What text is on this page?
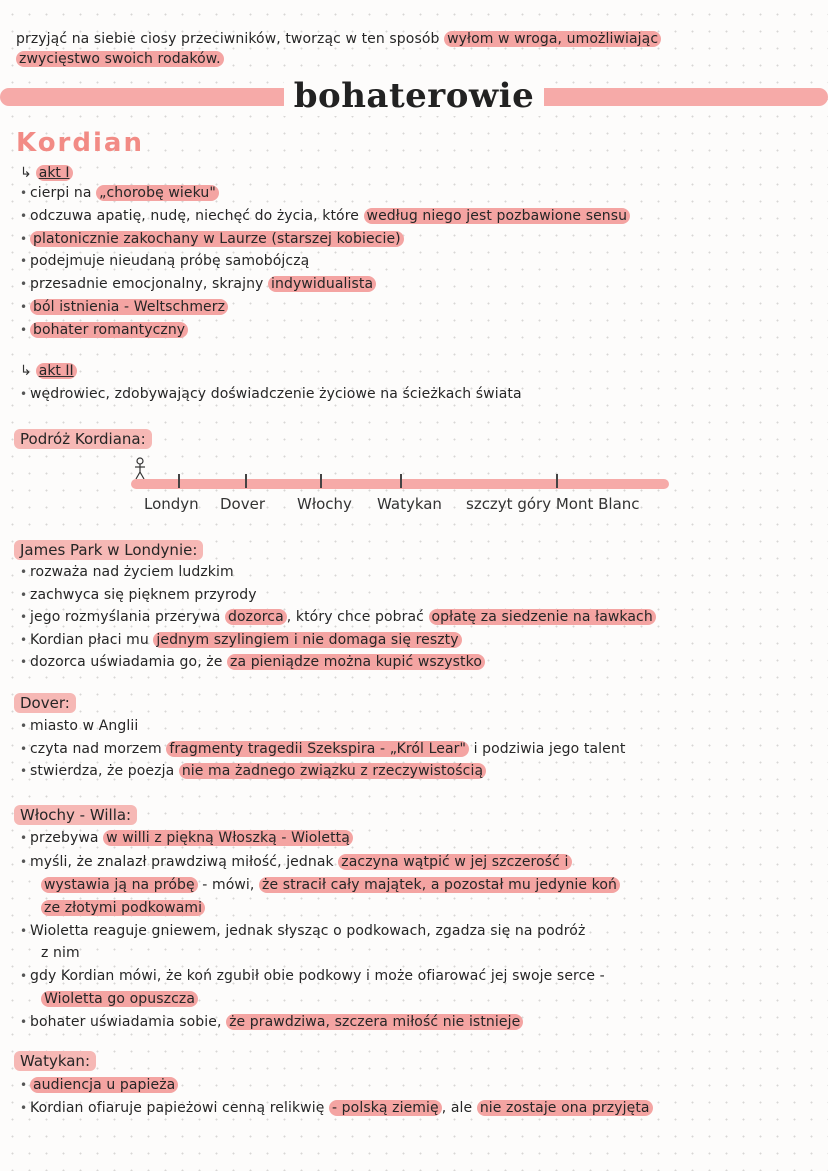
przyjąć na siebie ciosy przeciwników, tworząc w ten sposób wyłom w wroga, umożliwiając
zwycięstwo swoich rodaków.
bohaterowie
Kordian
↳ akt I
• cierpi na „chorobę wieku"
• odczuwa apatię, nudę, niechęć do życia, które według niego jest pozbawione sensu
• platonicznie zakochany w Laurze (starszej kobiecie)
• podejmuje nieudaną próbę samobójczą
• przesadnie emocjonalny, skrajny indywidualista
• ból istnienia - Weltschmerz
• bohater romantyczny
↳ akt II
• wędrowiec, zdobywający doświadczenie życiowe na ścieżkach świata
Podróż Kordiana:
Londyn Dover Włochy Watykan szczyt góry Mont Blanc
James Park w Londynie:
• rozważa nad życiem ludzkim
• zachwyca się pięknem przyrody
• jego rozmyślania przerywa dozorca , który chce pobrać opłatę za siedzenie na ławkach
• Kordian płaci mu jednym szylingiem i nie domaga się reszty
• dozorca uświadamia go, że za pieniądze można kupić wszystko
Dover:
• miasto w Anglii
• czyta nad morzem fragmenty tragedii Szekspira - „Król Lear" i podziwia jego talent
• stwierdza, że poezja nie ma żadnego związku z rzeczywistością
Włochy - Willa:
• przebywa w willi z piękną Włoszką - Wiolettą
• myśli, że znalazł prawdziwą miłość, jednak zaczyna wątpić w jej szczerość i
wystawia ją na próbę - mówi, że stracił cały majątek, a pozostał mu jedynie koń
ze złotymi podkowami
• Wioletta reaguje gniewem, jednak słysząc o podkowach, zgadza się na podróż
z nim
• gdy Kordian mówi, że koń zgubił obie podkowy i może ofiarować jej swoje serce -
Wioletta go opuszcza
• bohater uświadamia sobie, że prawdziwa, szczera miłość nie istnieje
Watykan:
• audiencja u papieża
• Kordian ofiaruje papieżowi cenną relikwię - polską ziemię , ale nie zostaje ona przyjęta
